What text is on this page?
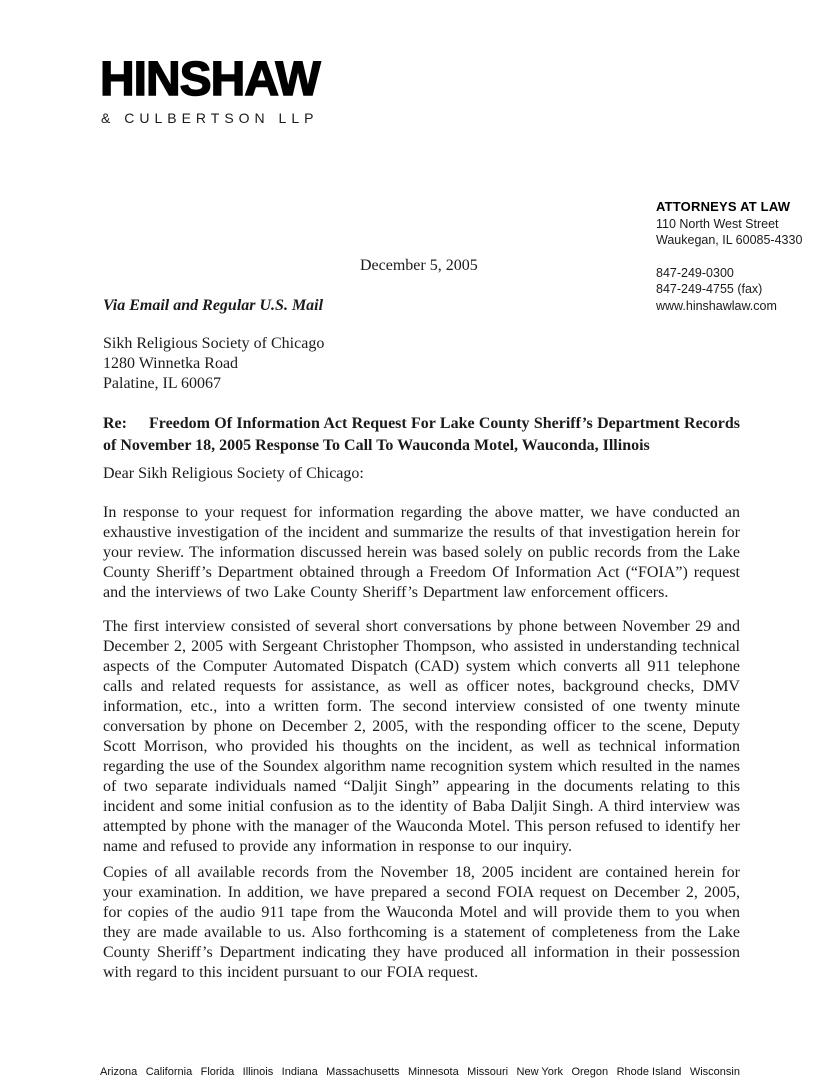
HINSHAW
& CULBERTSON LLP
ATTORNEYS AT LAW
110 North West Street
Waukegan, IL 60085-4330
847-249-0300
847-249-4755 (fax)
www.hinshawlaw.com
December 5, 2005
Via Email and Regular U.S. Mail
Sikh Religious Society of Chicago
1280 Winnetka Road
Palatine, IL 60067

Re: Freedom Of Information Act Request For Lake County Sheriff’s Department Records of November 18, 2005 Response To Call To Wauconda Motel, Wauconda, Illinois

Dear Sikh Religious Society of Chicago:

In response to your request for information regarding the above matter, we have conducted an exhaustive investigation of the incident and summarize the results of that investigation herein for your review. The information discussed herein was based solely on public records from the Lake County Sheriff’s Department obtained through a Freedom Of Information Act (“FOIA”) request and the interviews of two Lake County Sheriff’s Department law enforcement officers.

The first interview consisted of several short conversations by phone between November 29 and December 2, 2005 with Sergeant Christopher Thompson, who assisted in understanding technical aspects of the Computer Automated Dispatch (CAD) system which converts all 911 telephone calls and related requests for assistance, as well as officer notes, background checks, DMV information, etc., into a written form. The second interview consisted of one twenty minute conversation by phone on December 2, 2005, with the responding officer to the scene, Deputy Scott Morrison, who provided his thoughts on the incident, as well as technical information regarding the use of the Soundex algorithm name recognition system which resulted in the names of two separate individuals named “Daljit Singh” appearing in the documents relating to this incident and some initial confusion as to the identity of Baba Daljit Singh. A third interview was attempted by phone with the manager of the Wauconda Motel. This person refused to identify her name and refused to provide any information in response to our inquiry.

Copies of all available records from the November 18, 2005 incident are contained herein for your examination. In addition, we have prepared a second FOIA request on December 2, 2005, for copies of the audio 911 tape from the Wauconda Motel and will provide them to you when they are made available to us. Also forthcoming is a statement of completeness from the Lake County Sheriff’s Department indicating they have produced all information in their possession with regard to this incident pursuant to our FOIA request.

Arizona California Florida Illinois Indiana Massachusetts Minnesota Missouri New York Oregon Rhode Island Wisconsin
